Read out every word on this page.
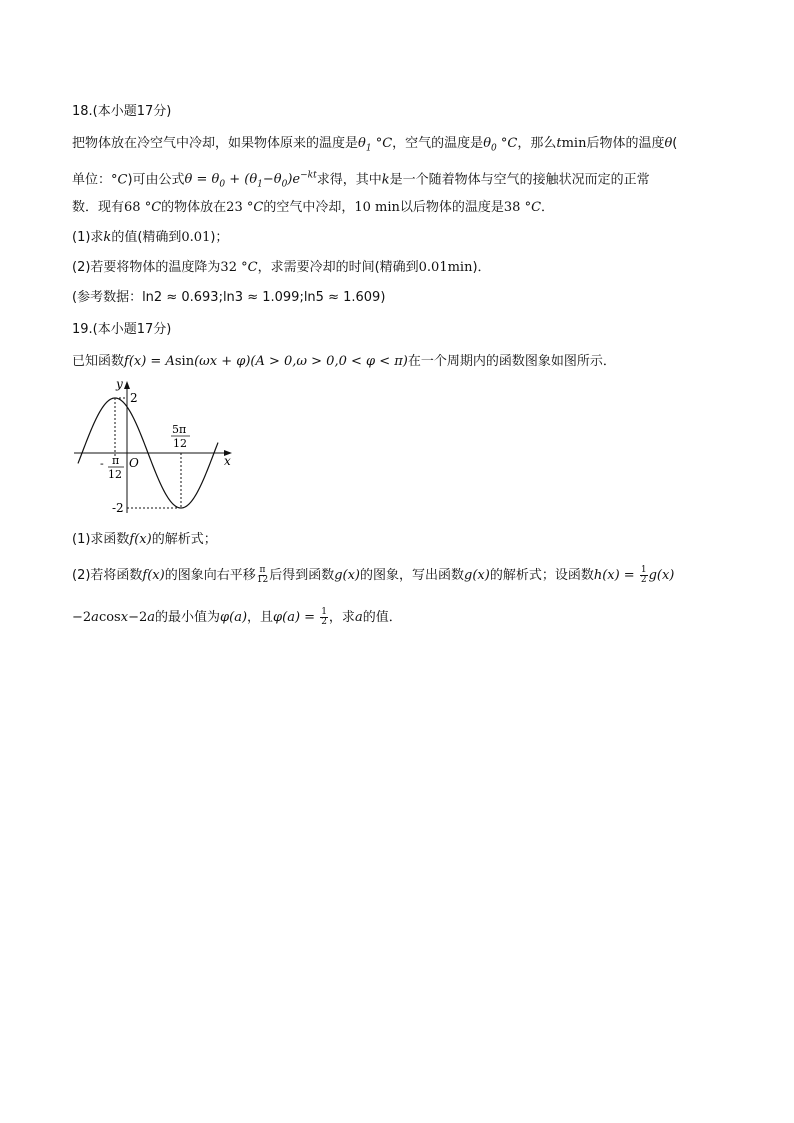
18.(本小题17分)
把物体放在冷空气中冷却，如果物体原来的温度是$\theta_1$ °C，空气的温度是$\theta_0$ °C，那么tmin后物体的温度θ(
单位：°C)可由公式$\theta = \theta_0 + (\theta_1-\theta_0)e^{-kt}$求得，其中k是一个随着物体与空气的接触状况而定的正常
数．现有68 °C的物体放在23 °C的空气中冷却，10 min以后物体的温度是38 °C．
(1)求k的值(精确到0.01)；
(2)若要将物体的温度降为32 °C，求需要冷却的时间(精确到0.01min)．
(参考数据：ln2 ≈ 0.693;ln3 ≈ 1.099;ln5 ≈ 1.609)
19.(本小题17分)
已知函数f(x) = Asin(ωx + φ)(A > 0,ω > 0,0 < φ < π)在一个周期内的函数图象如图所示．
y
x
O
2
-2
- π
12
5π
12
(1)求函数f(x)的解析式；
(2)若将函数f(x)的图象向右平移 $\frac{\pi}{12}$ 后得到函数g(x)的图象，写出函数g(x)的解析式；设函数$h(x) = \frac{1}{2} g(x)$
−2acosx−2a的最小值为φ(a)，且$\varphi(a) = \frac{1}{2}$ ，求a的值．
